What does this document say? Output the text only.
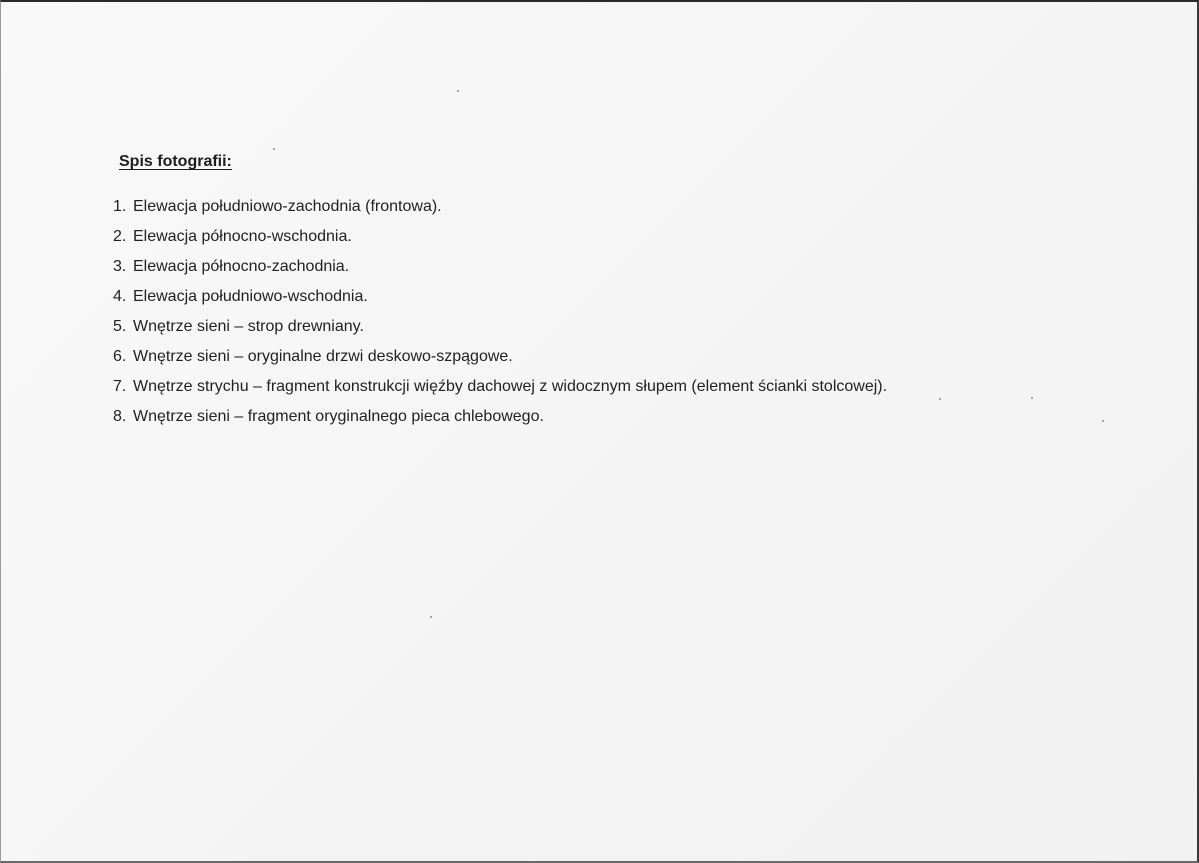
Spis fotografii:
1. Elewacja południowo-zachodnia (frontowa).
2. Elewacja północno-wschodnia.
3. Elewacja północno-zachodnia.
4. Elewacja południowo-wschodnia.
5. Wnętrze sieni – strop drewniany.
6. Wnętrze sieni – oryginalne drzwi deskowo-szpągowe.
7. Wnętrze strychu – fragment konstrukcji więźby dachowej z widocznym słupem (element ścianki stolcowej).
8. Wnętrze sieni – fragment oryginalnego pieca chlebowego.
